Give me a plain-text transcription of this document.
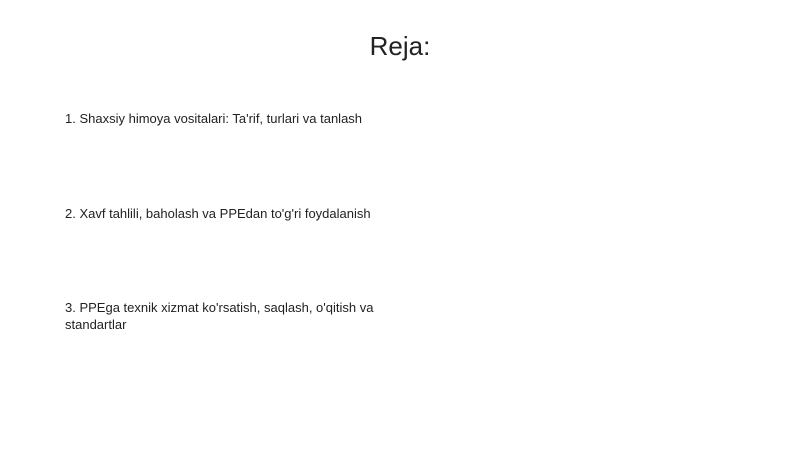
Reja:
1. Shaxsiy himoya vositalari: Ta'rif, turlari va tanlash
2. Xavf tahlili, baholash va PPEdan to'g'ri foydalanish
3. PPEga texnik xizmat ko'rsatish, saqlash, o'qitish va standartlar
